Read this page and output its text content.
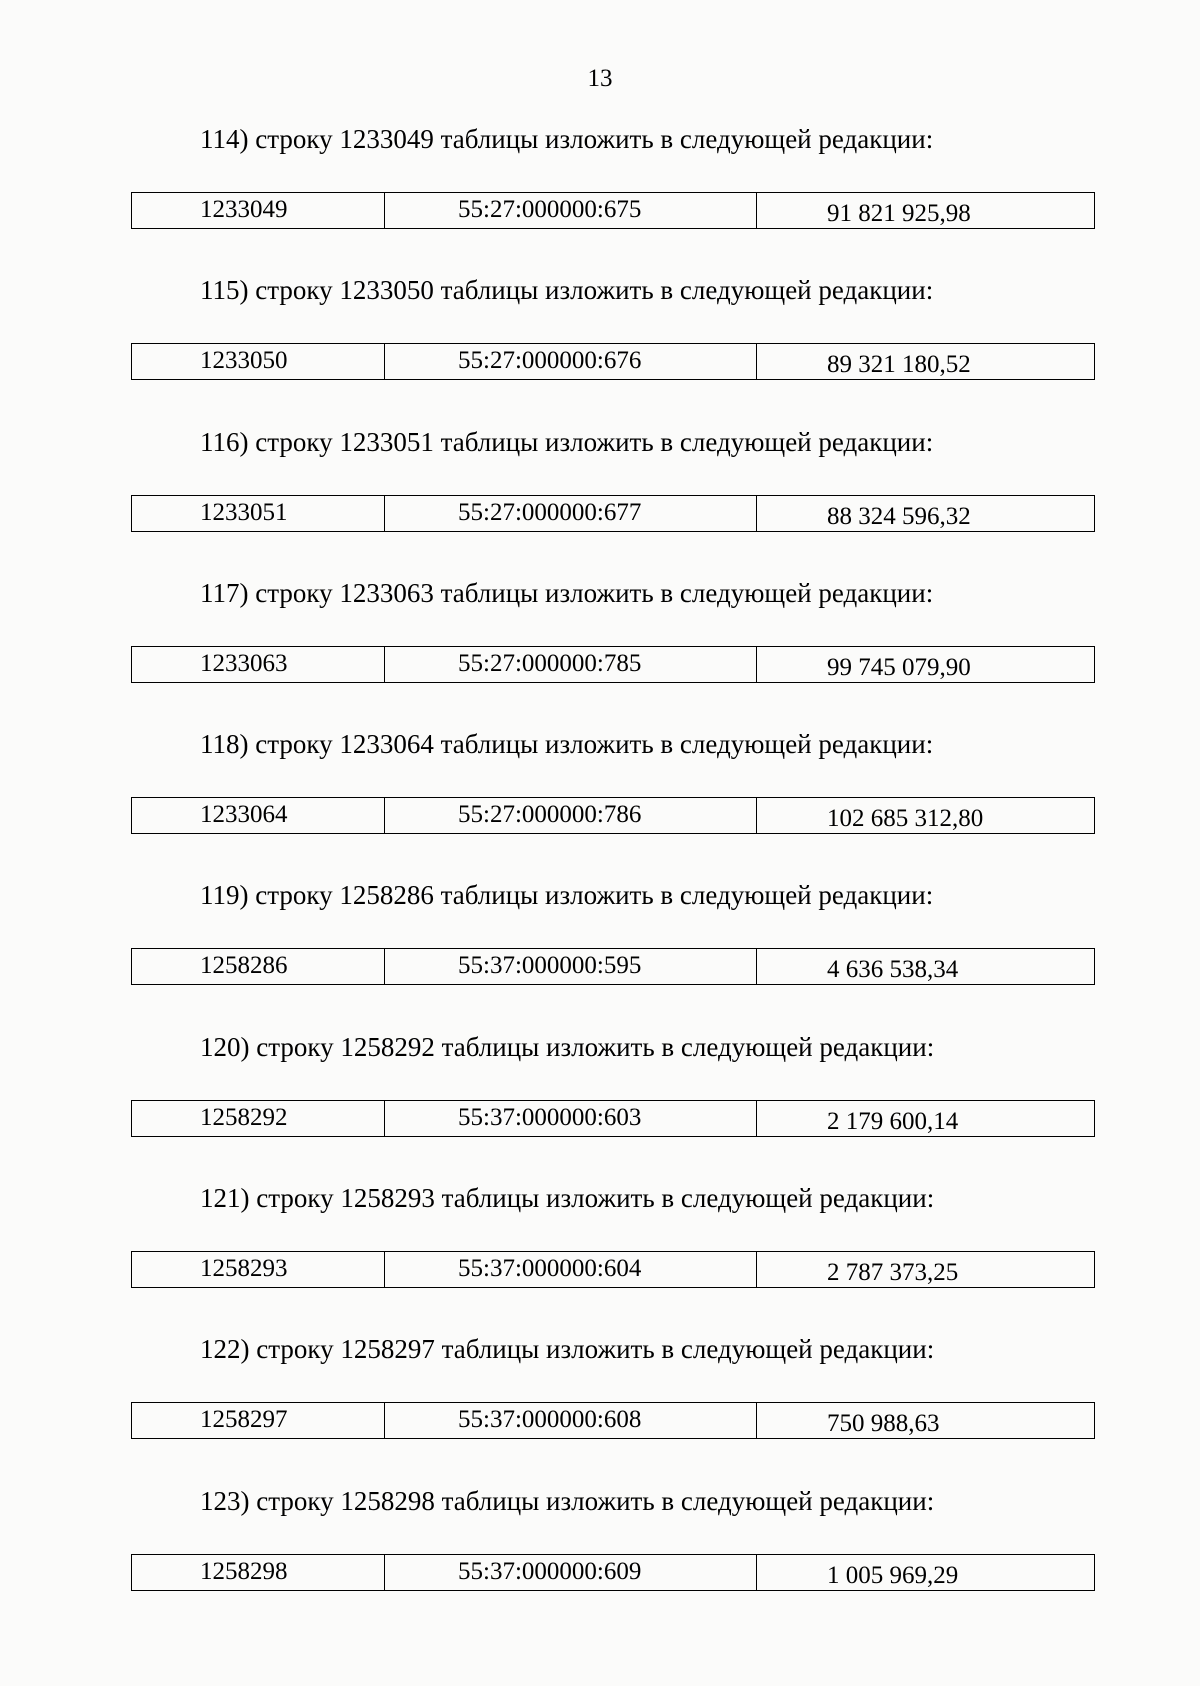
13
114) строку 1233049 таблицы изложить в следующей редакции:
1233049	55:27:000000:675	91 821 925,98
115) строку 1233050 таблицы изложить в следующей редакции:
1233050	55:27:000000:676	89 321 180,52
116) строку 1233051 таблицы изложить в следующей редакции:
1233051	55:27:000000:677	88 324 596,32
117) строку 1233063 таблицы изложить в следующей редакции:
1233063	55:27:000000:785	99 745 079,90
118) строку 1233064 таблицы изложить в следующей редакции:
1233064	55:27:000000:786	102 685 312,80
119) строку 1258286 таблицы изложить в следующей редакции:
1258286	55:37:000000:595	4 636 538,34
120) строку 1258292 таблицы изложить в следующей редакции:
1258292	55:37:000000:603	2 179 600,14
121) строку 1258293 таблицы изложить в следующей редакции:
1258293	55:37:000000:604	2 787 373,25
122) строку 1258297 таблицы изложить в следующей редакции:
1258297	55:37:000000:608	750 988,63
123) строку 1258298 таблицы изложить в следующей редакции:
1258298	55:37:000000:609	1 005 969,29
